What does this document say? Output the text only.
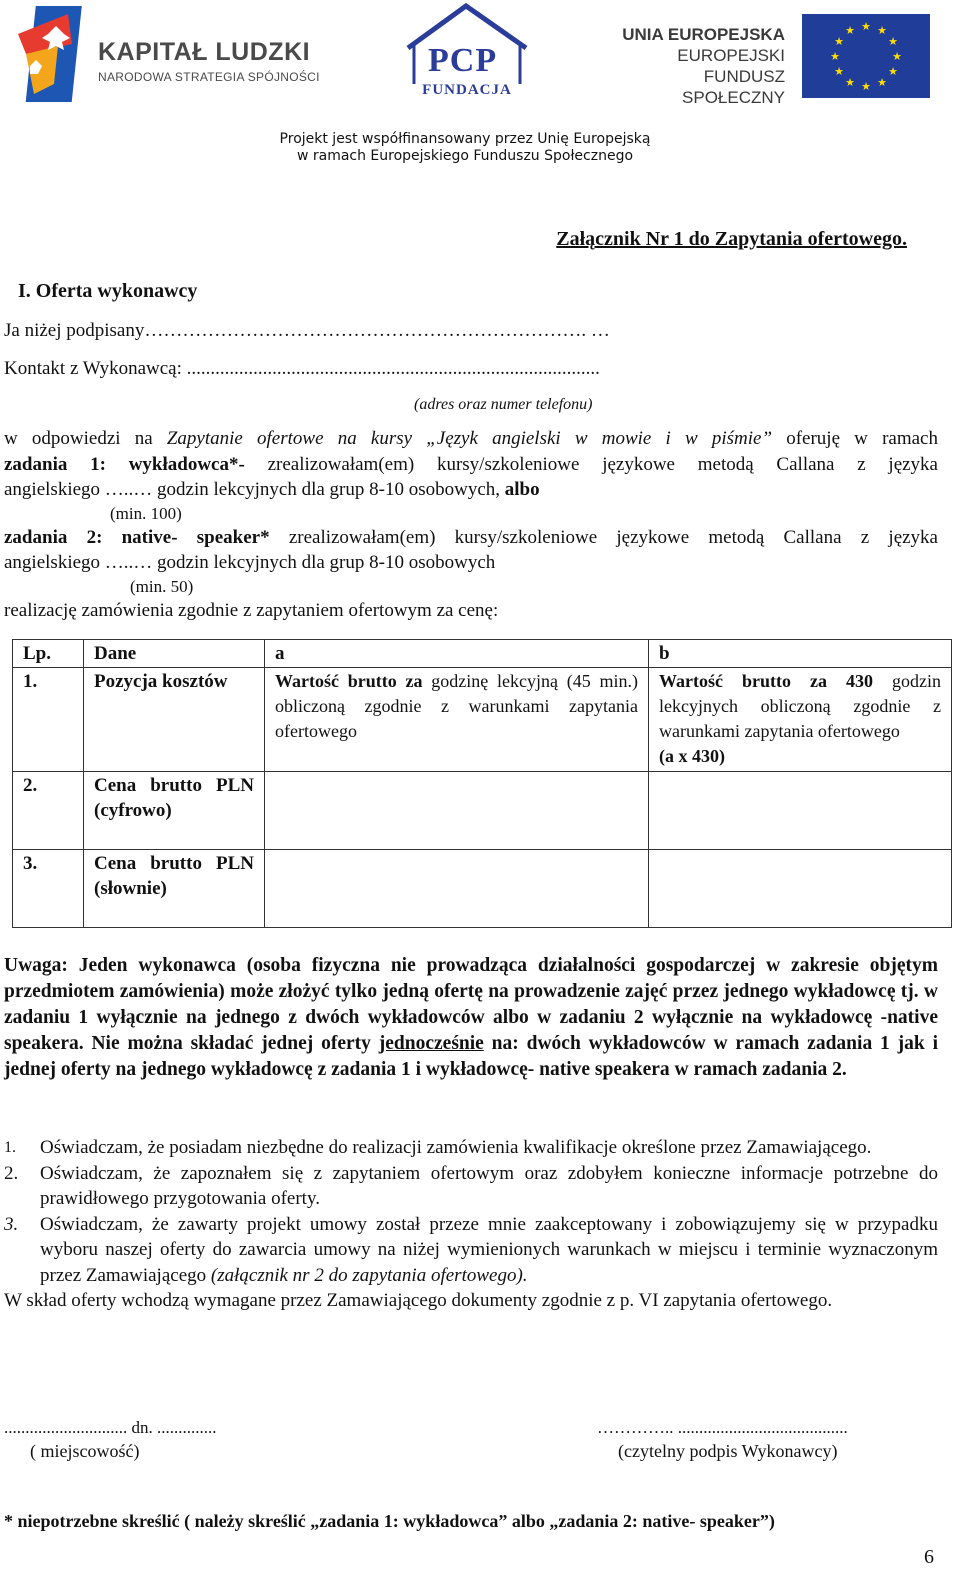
KAPITAŁ LUDZKI
NARODOWA STRATEGIA SPÓJNOŚCI	PCP
FUNDACJA
UNIA EUROPEJSKA
EUROPEJSKI
FUNDUSZ SPOŁECZNY
★ ★
★
★
★
★
★
★
★
★
★
★
Projekt jest współfinansowany przez Unię Europejską
w ramach Europejskiego Funduszu Społecznego
Załącznik Nr 1 do Zapytania ofertowego.
I. Oferta wykonawcy
Ja niżej podpisany……………………………………………………………. …
Kontakt z Wykonawcą: .......................................................................................
(adres oraz numer telefonu)
w odpowiedzi na Zapytanie ofertowe na kursy „Język angielski w mowie i w piśmie” oferuję w ramach
zadania 1: wykładowca*- zrealizowałam(em) kursy/szkoleniowe językowe metodą Callana z języka
angielskiego …..… godzin lekcyjnych dla grup 8-10 osobowych, albo
(min. 100)
zadania 2: native- speaker* zrealizowałam(em) kursy/szkoleniowe językowe metodą Callana z języka
angielskiego …..… godzin lekcyjnych dla grup 8-10 osobowych
(min. 50)
realizację zamówienia zgodnie z zapytaniem ofertowym za cenę:
Lp.	Dane	a	b
1.	Pozycja kosztów	Wartość brutto za godzinę lekcyjną (45 min.) obliczoną zgodnie z warunkami zapytania ofertowego	Wartość brutto za 430 godzin lekcyjnych obliczoną zgodnie z warunkami zapytania ofertowego
(a x 430)
2.	Cena brutto PLN (cyfrowo)		
3.	Cena brutto PLN (słownie)		
Uwaga: Jeden wykonawca (osoba fizyczna nie prowadząca działalności gospodarczej w zakresie objętym przedmiotem zamówienia) może złożyć tylko jedną ofertę na prowadzenie zajęć przez jednego wykładowcę tj. w zadaniu 1 wyłącznie na jednego z dwóch wykładowców albo w zadaniu 2 wyłącznie na wykładowcę -native speakera. Nie można składać jednej oferty jednocześnie na: dwóch wykładowców w ramach zadania 1 jak i jednej oferty na jednego wykładowcę z zadania 1 i wykładowcę- native speakera w ramach zadania 2.
1. Oświadczam, że posiadam niezbędne do realizacji zamówienia kwalifikacje określone przez Zamawiającego.
2. Oświadczam, że zapoznałem się z zapytaniem ofertowym oraz zdobyłem konieczne informacje potrzebne do prawidłowego przygotowania oferty.
3. Oświadczam, że zawarty projekt umowy został przeze mnie zaakceptowany i zobowiązujemy się w przypadku wyboru naszej oferty do zawarcia umowy na niżej wymienionych warunkach w miejscu i terminie wyznaczonym przez Zamawiającego (załącznik nr 2 do zapytania ofertowego).
W skład oferty wchodzą wymagane przez Zamawiającego dokumenty zgodnie z p. VI zapytania ofertowego.
............................. dn. ..............
( miejscowość)
………….. ........................................
(czytelny podpis Wykonawcy)
* niepotrzebne skreślić ( należy skreślić „zadania 1: wykładowca” albo „zadania 2: native- speaker”)
6
